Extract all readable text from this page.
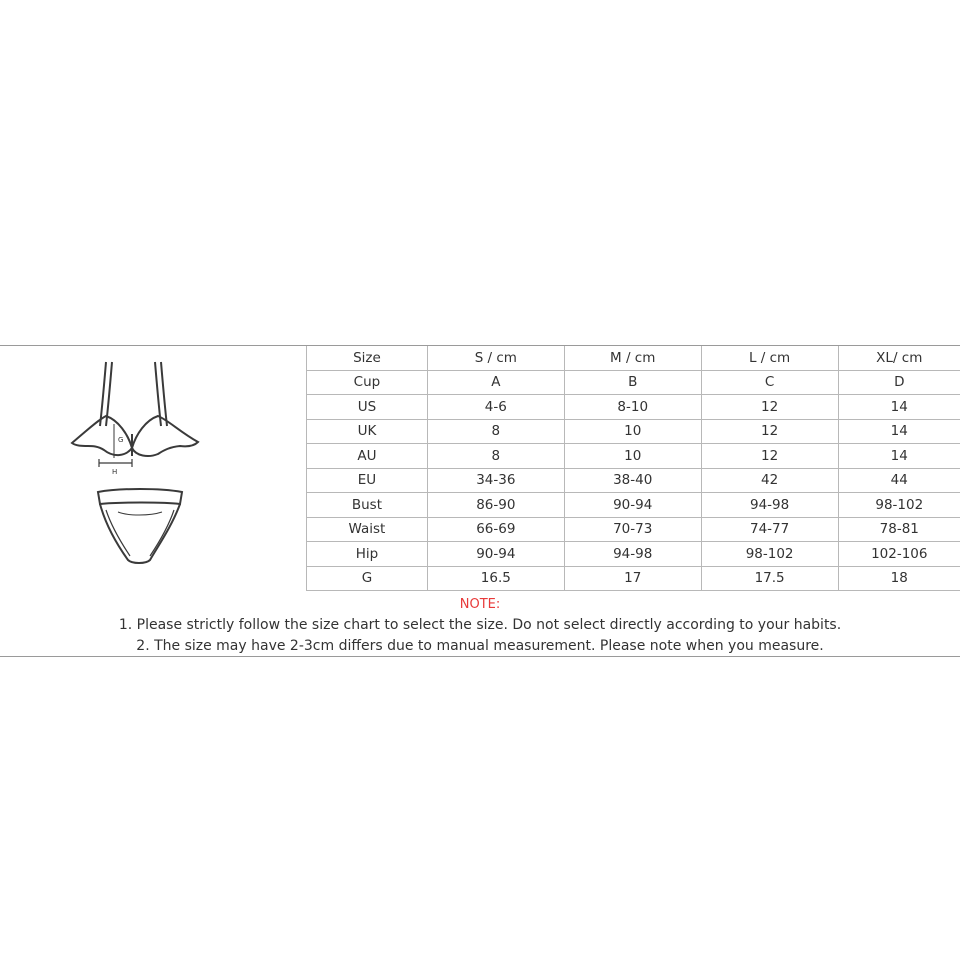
G
H
Size	S / cm	M / cm	L / cm	XL/ cm
Cup	A	B	C	D
US	4-6	8-10	12	14
UK	8	10	12	14
AU	8	10	12	14
EU	34-36	38-40	42	44
Bust	86-90	90-94	94-98	98-102
Waist	66-69	70-73	74-77	78-81
Hip	90-94	94-98	98-102	102-106
G	16.5	17	17.5	18
NOTE:
1. Please strictly follow the size chart to select the size. Do not select directly according to your habits.
2. The size may have 2-3cm differs due to manual measurement. Please note when you measure.
